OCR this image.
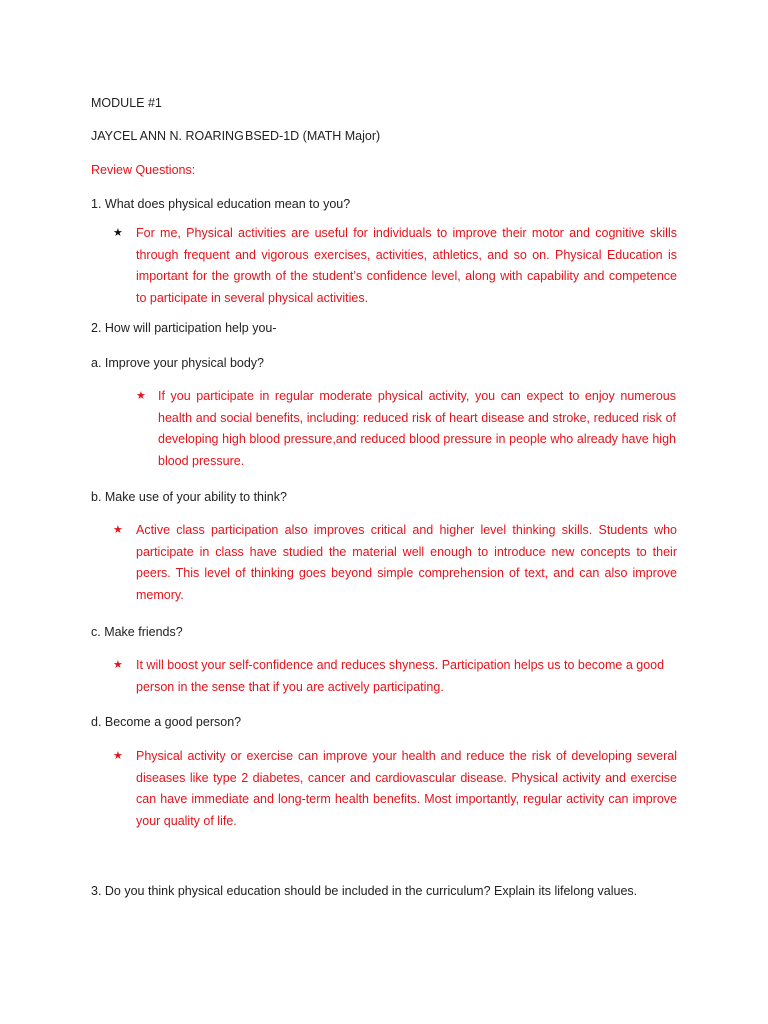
MODULE #1
JAYCEL ANN N. ROARINGBSED-1D (MATH Major)
Review Questions:
1. What does physical education mean to you?
★ For me, Physical activities are useful for individuals to improve their motor and cognitive skills through frequent and vigorous exercises, activities, athletics, and so on. Physical Education is important for the growth of the student’s confidence level, along with capability and competence to participate in several physical activities.
2. How will participation help you-
a. Improve your physical body?
★ If you participate in regular moderate physical activity, you can expect to enjoy numerous health and social benefits, including: reduced risk of heart disease and stroke, reduced risk of developing high blood pressure,and reduced blood pressure in people who already have high blood pressure.
b. Make use of your ability to think?
★ Active class participation also improves critical and higher level thinking skills. Students who participate in class have studied the material well enough to introduce new concepts to their peers. This level of thinking goes beyond simple comprehension of text, and can also improve memory.
c. Make friends?
★ It will boost your self-confidence and reduces shyness. Participation helps us to become a good person in the sense that if you are actively participating.
d. Become a good person?
★ Physical activity or exercise can improve your health and reduce the risk of developing several diseases like type 2 diabetes, cancer and cardiovascular disease. Physical activity and exercise can have immediate and long-term health benefits. Most importantly, regular activity can improve your quality of life.
3. Do you think physical education should be included in the curriculum? Explain its lifelong values.
